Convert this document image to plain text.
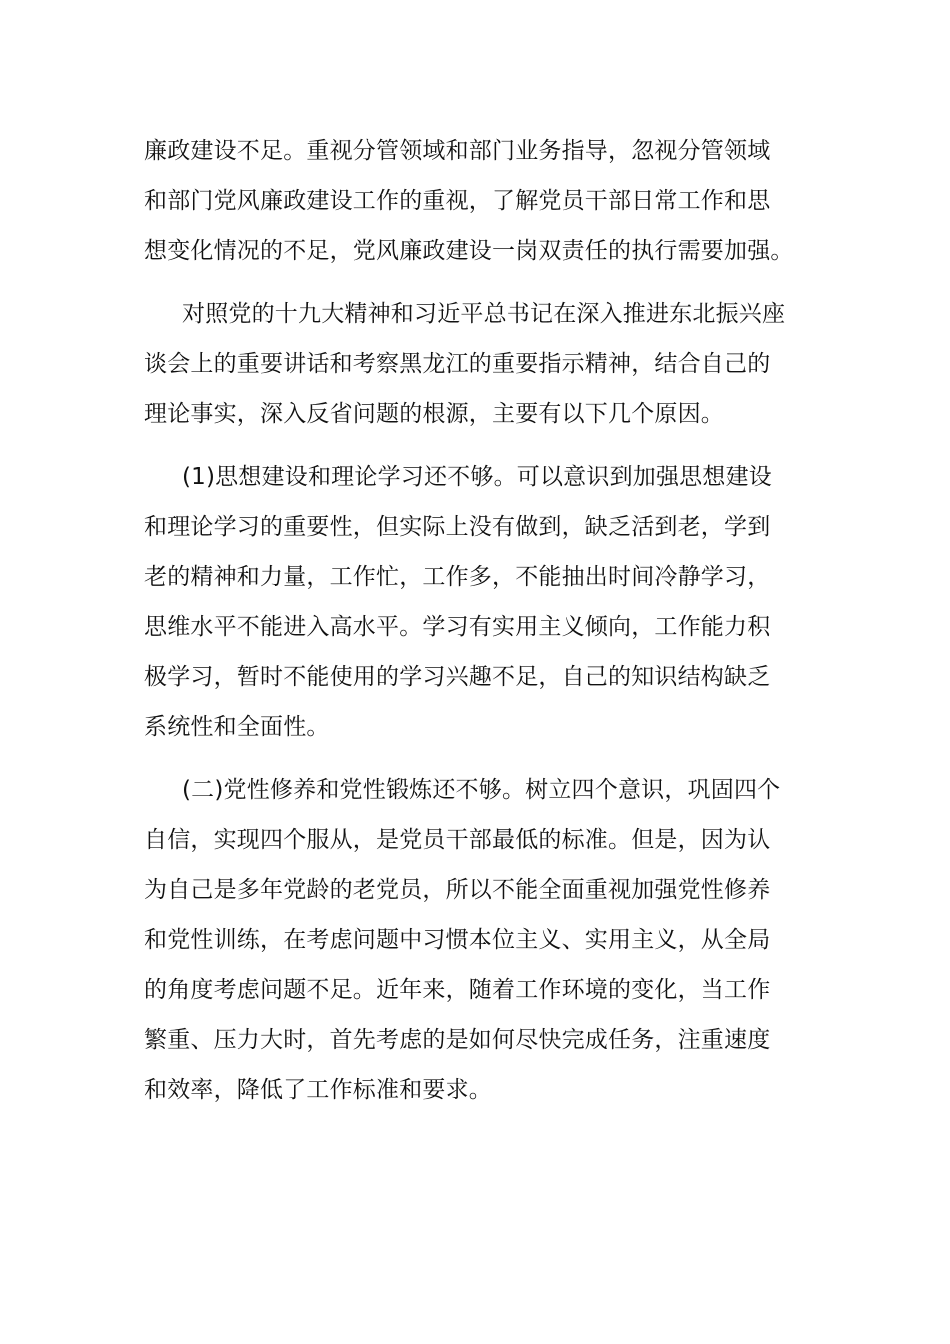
廉政建设不足。重视分管领域和部门业务指导，忽视分管领域
和部门党风廉政建设工作的重视，了解党员干部日常工作和思
想变化情况的不足，党风廉政建设一岗双责任的执行需要加强。

对照党的十九大精神和习近平总书记在深入推进东北振兴座
谈会上的重要讲话和考察黑龙江的重要指示精神，结合自己的
理论事实，深入反省问题的根源，主要有以下几个原因。

(1)思想建设和理论学习还不够。可以意识到加强思想建设
和理论学习的重要性，但实际上没有做到，缺乏活到老，学到
老的精神和力量，工作忙，工作多，不能抽出时间冷静学习，
思维水平不能进入高水平。学习有实用主义倾向，工作能力积
极学习，暂时不能使用的学习兴趣不足，自己的知识结构缺乏
系统性和全面性。

(二)党性修养和党性锻炼还不够。树立四个意识，巩固四个
自信，实现四个服从，是党员干部最低的标准。但是，因为认
为自己是多年党龄的老党员，所以不能全面重视加强党性修养
和党性训练，在考虑问题中习惯本位主义、实用主义，从全局
的角度考虑问题不足。近年来，随着工作环境的变化，当工作
繁重、压力大时，首先考虑的是如何尽快完成任务，注重速度
和效率，降低了工作标准和要求。
